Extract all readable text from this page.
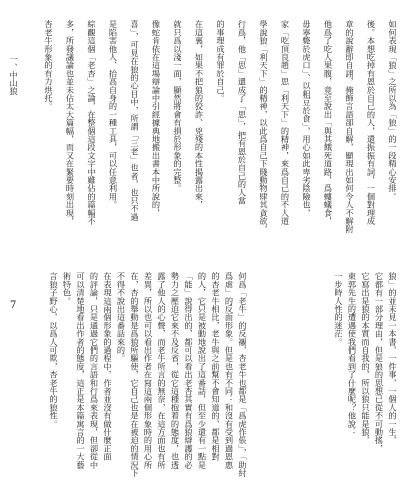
一、中山狼
7
如何表現「狼」之所以為「狼」的一段精心安排。
後。本想吃掉有恩於自己的人，還振振有詞，一個對理成
章的說辭即自詡，掩飾言語卻自解，顯現出如何令人不解附
他爲了吃人果腹，竟至說出「與其餓死道路，爲螻蟻食，
毋寧斃於虎口」、以粗豆於食」，用心如此卑劣陰險也，
家「吃頂良趙」思「利天下」的精神，來爲自己的不人道
學說狼「利天下」的精神，以此爲自己下賤動物肆其貪欲，
行爲，他「思」還成了「思」，把有恩於自己的人當
的事理成有罪於自己。
在這裏，如果不把狼的狡詐、兇殘的本性揭露出來，
就只爲以淺一面，顯然將會有損於形象的完整。
像蛇肯依在這場辯論中引經據典地搬出書本中所說的，
喜」，可見在狼的心目中，所謂「三老」也者，也只不過
是陷害他人、抬高自身的一種工具，可以任意利用。
綜觀這個「老杏」之論，在整個這段文字中雖佔的篇幅不
多，所發議論也並未佔太大篇幅，而又在緊要時刻出現，
杏老牛形象的有力烘托。
何爲「老牛」的反襯，杏老牛也都是「爲虎作倀」，「助紂
爲虐」的反面形象。但是也有不同：和沒有受到過恩惠
的杏老牛相比，老牛與之前幫不會知道的，都是相對
的人，它只是被動地說出了這番話，但至少還有一點是
「能」說得出的，都可以看出老杏其實有爲狼辯護的必
勢力之壓迫它來不及反省，從它這種抱着的態度，也透
露了他人的心聲，而老牛所言的無奈，在這方面也有所
差異，所以也可以看出作者在寫這兩個形象時的用心所
在，杏的舉動是爲狼所驅使，它自己也是在被迫的情況下
不得不說出這番話來的。
在表現這兩個形象的過程中，作者並沒有做什麼正面
的評論，只是通過它們的言語和行爲來表現，但卻從中
可以清楚地看出作者的態度，這正是本篇寓言的一大藝
術特色。
言狼子野心，以爲人可欺，杏老牛的狼性。	狼」的並未見一本書，一件事，一個人的一生，
它都有一部分理由，但是狼的思想已從不可動搖，
它寫出是狼的本質而自我的，所以狼只能是狼，
東郭先生的遭遇使我們看到了什麼呢？他說：
一步時人性的迷茫。
